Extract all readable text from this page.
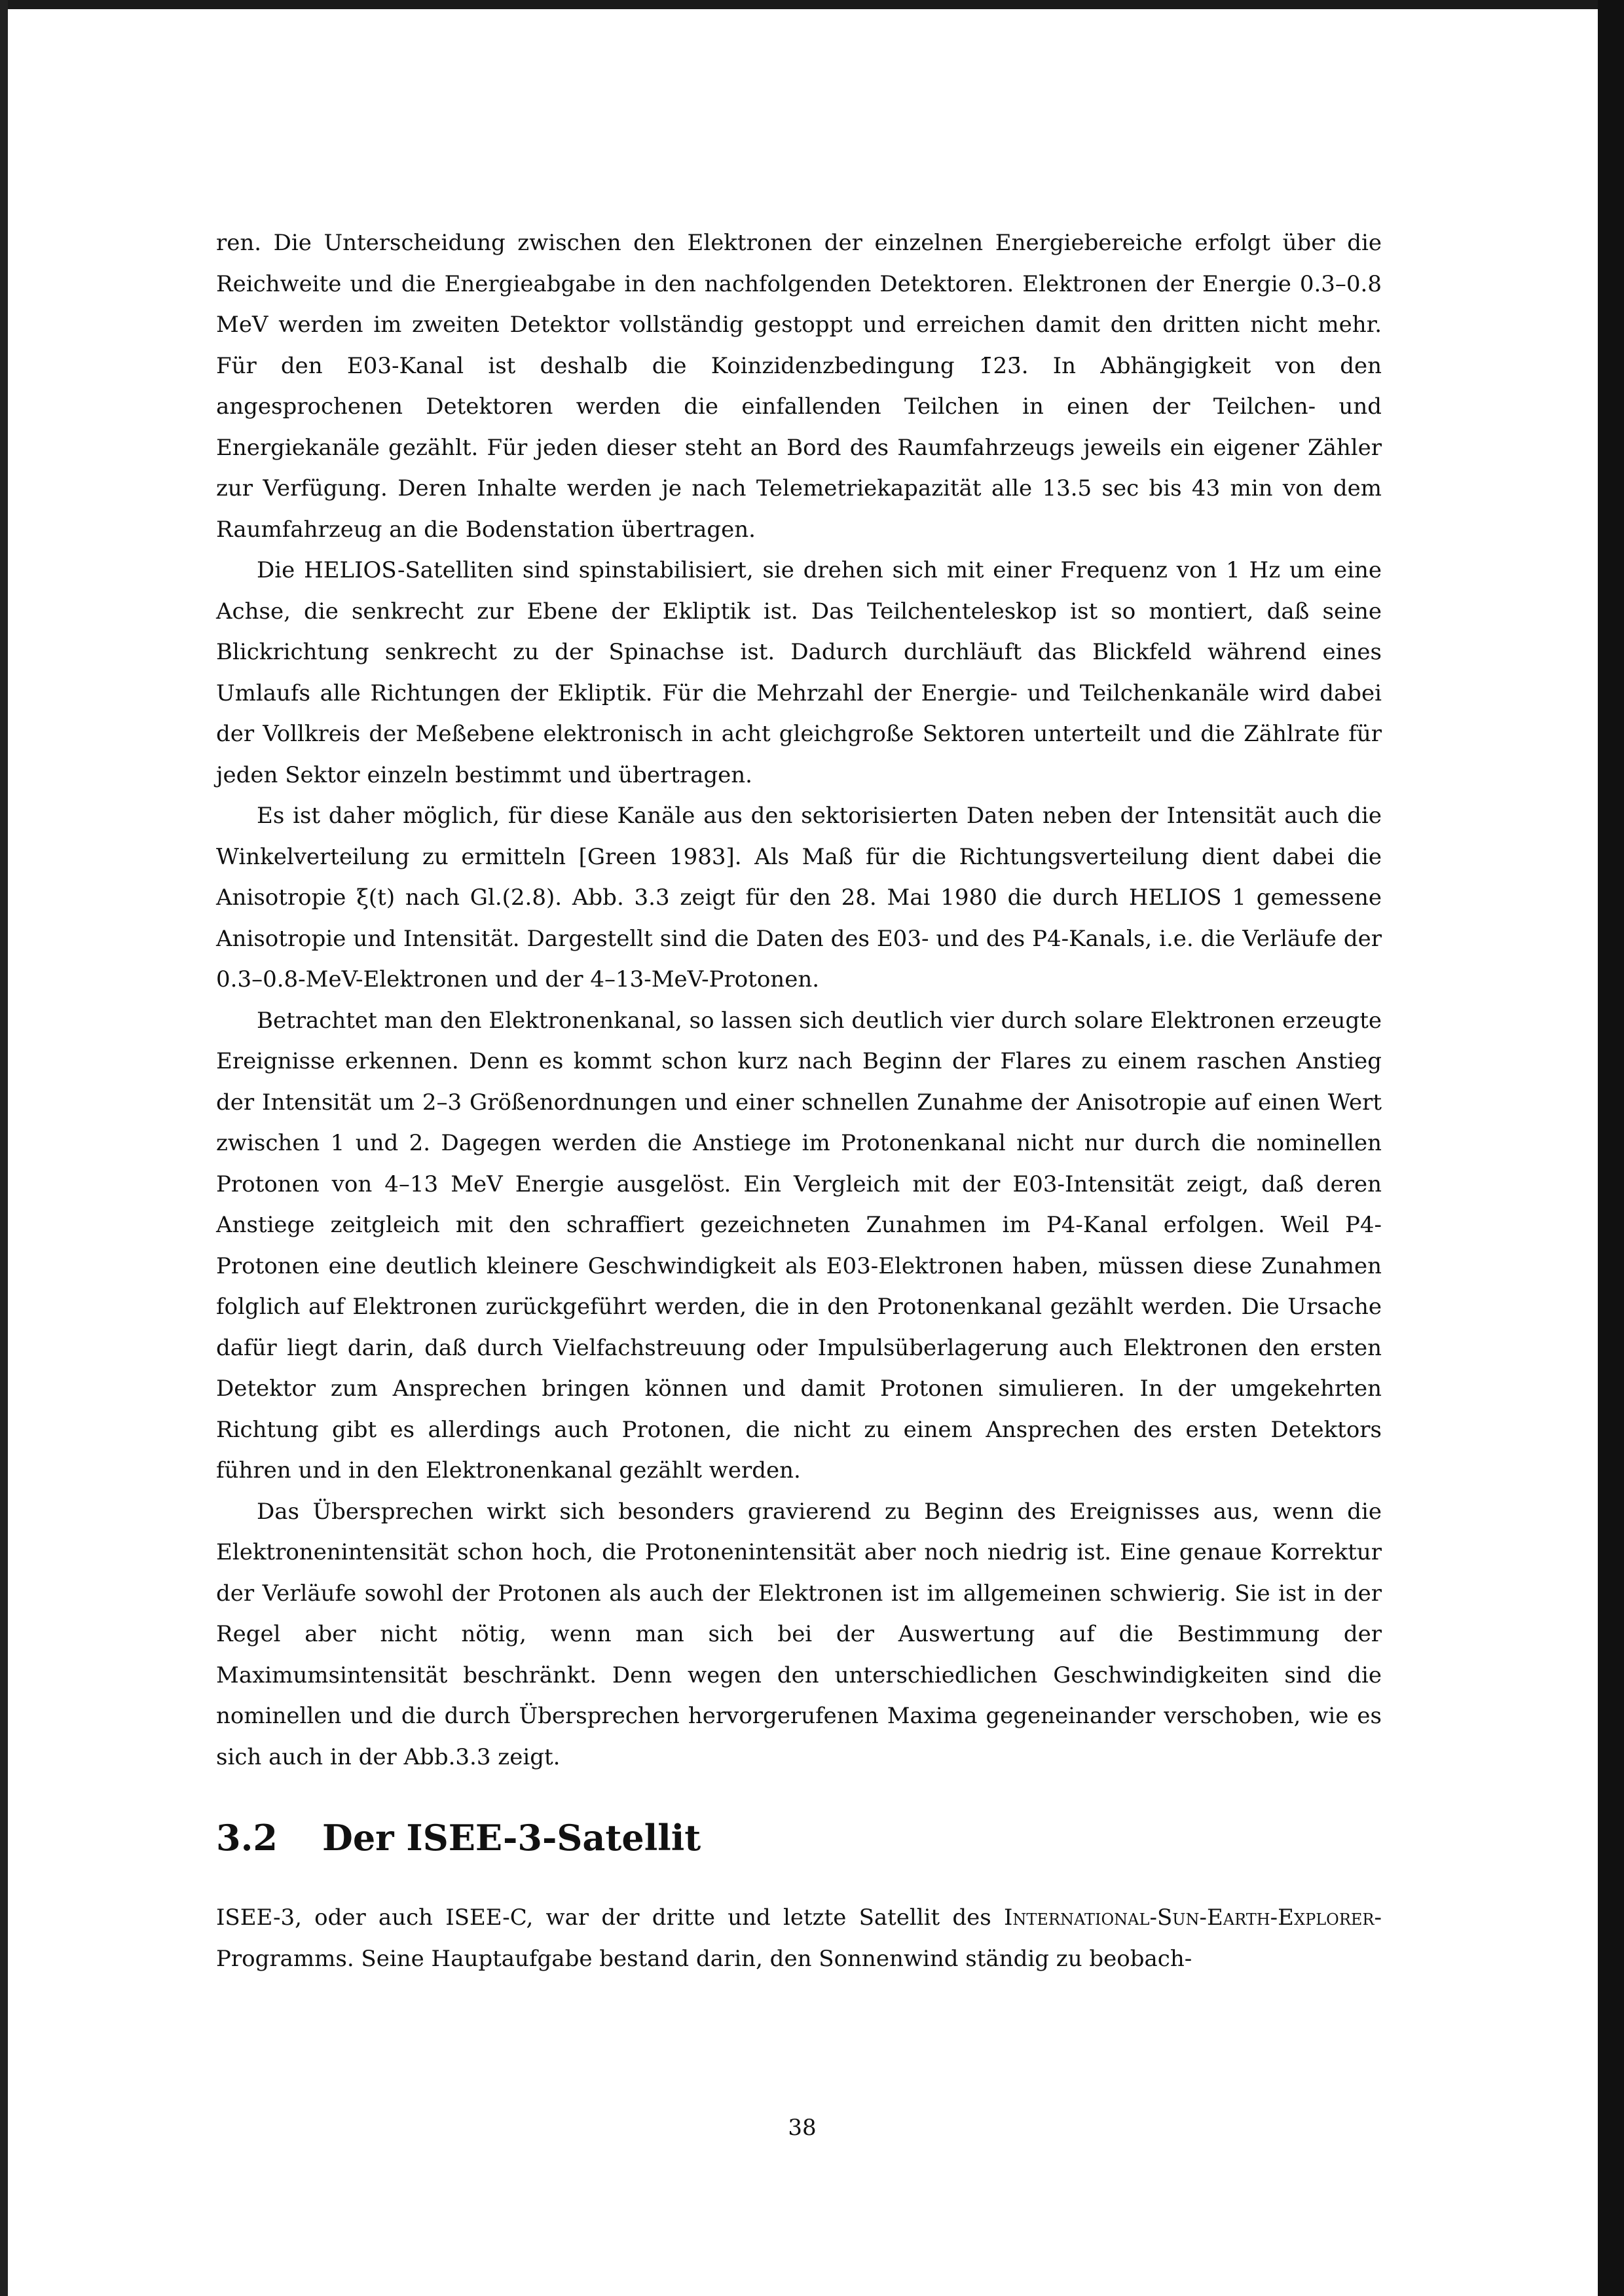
ren. Die Unterscheidung zwischen den Elektronen der einzelnen Energiebereiche erfolgt über die Reichweite und die Energieabgabe in den nachfolgenden Detektoren. Elektronen der Energie 0.3–0.8 MeV werden im zweiten Detektor vollständig gestoppt und erreichen damit den dritten nicht mehr. Für den E03-Kanal ist deshalb die Koinzidenzbedingung 1̄23̄. In Abhängigkeit von den angesprochenen Detektoren werden die einfallenden Teilchen in einen der Teilchen- und Energiekanäle gezählt. Für jeden dieser steht an Bord des Raumfahrzeugs jeweils ein eigener Zähler zur Verfügung. Deren Inhalte werden je nach Telemetriekapazität alle 13.5 sec bis 43 min von dem Raumfahrzeug an die Bodenstation übertragen.

Die HELIOS-Satelliten sind spinstabilisiert, sie drehen sich mit einer Frequenz von 1 Hz um eine Achse, die senkrecht zur Ebene der Ekliptik ist. Das Teilchenteleskop ist so montiert, daß seine Blickrichtung senkrecht zu der Spinachse ist. Dadurch durchläuft das Blickfeld während eines Umlaufs alle Richtungen der Ekliptik. Für die Mehrzahl der Energie- und Teilchenkanäle wird dabei der Vollkreis der Meßebene elektronisch in acht gleichgroße Sektoren unterteilt und die Zählrate für jeden Sektor einzeln bestimmt und übertragen.

Es ist daher möglich, für diese Kanäle aus den sektorisierten Daten neben der Intensität auch die Winkelverteilung zu ermitteln [Green 1983]. Als Maß für die Richtungsverteilung dient dabei die Anisotropie ξ(t) nach Gl.(2.8). Abb. 3.3 zeigt für den 28. Mai 1980 die durch HELIOS 1 gemessene Anisotropie und Intensität. Dargestellt sind die Daten des E03- und des P4-Kanals, i.e. die Verläufe der 0.3–0.8-MeV-Elektronen und der 4–13-MeV-Protonen.

Betrachtet man den Elektronenkanal, so lassen sich deutlich vier durch solare Elektronen erzeugte Ereignisse erkennen. Denn es kommt schon kurz nach Beginn der Flares zu einem raschen Anstieg der Intensität um 2–3 Größenordnungen und einer schnellen Zunahme der Anisotropie auf einen Wert zwischen 1 und 2. Dagegen werden die Anstiege im Protonenkanal nicht nur durch die nominellen Protonen von 4–13 MeV Energie ausgelöst. Ein Vergleich mit der E03-Intensität zeigt, daß deren Anstiege zeitgleich mit den schraffiert gezeichneten Zunahmen im P4-Kanal erfolgen. Weil P4-Protonen eine deutlich kleinere Geschwindigkeit als E03-Elektronen haben, müssen diese Zunahmen folglich auf Elektronen zurückgeführt werden, die in den Protonenkanal gezählt werden. Die Ursache dafür liegt darin, daß durch Vielfachstreuung oder Impulsüberlagerung auch Elektronen den ersten Detektor zum Ansprechen bringen können und damit Protonen simulieren. In der umgekehrten Richtung gibt es allerdings auch Protonen, die nicht zu einem Ansprechen des ersten Detektors führen und in den Elektronenkanal gezählt werden.

Das Übersprechen wirkt sich besonders gravierend zu Beginn des Ereignisses aus, wenn die Elektronenintensität schon hoch, die Protonenintensität aber noch niedrig ist. Eine genaue Korrektur der Verläufe sowohl der Protonen als auch der Elektronen ist im allgemeinen schwierig. Sie ist in der Regel aber nicht nötig, wenn man sich bei der Auswertung auf die Bestimmung der Maximumsintensität beschränkt. Denn wegen den unterschiedlichen Geschwindigkeiten sind die nominellen und die durch Übersprechen hervorgerufenen Maxima gegeneinander verschoben, wie es sich auch in der Abb.3.3 zeigt.

3.2 Der ISEE-3-Satellit

ISEE-3, oder auch ISEE-C, war der dritte und letzte Satellit des International-Sun-Earth-Explorer-Programms. Seine Hauptaufgabe bestand darin, den Sonnenwind ständig zu beobach-

38
